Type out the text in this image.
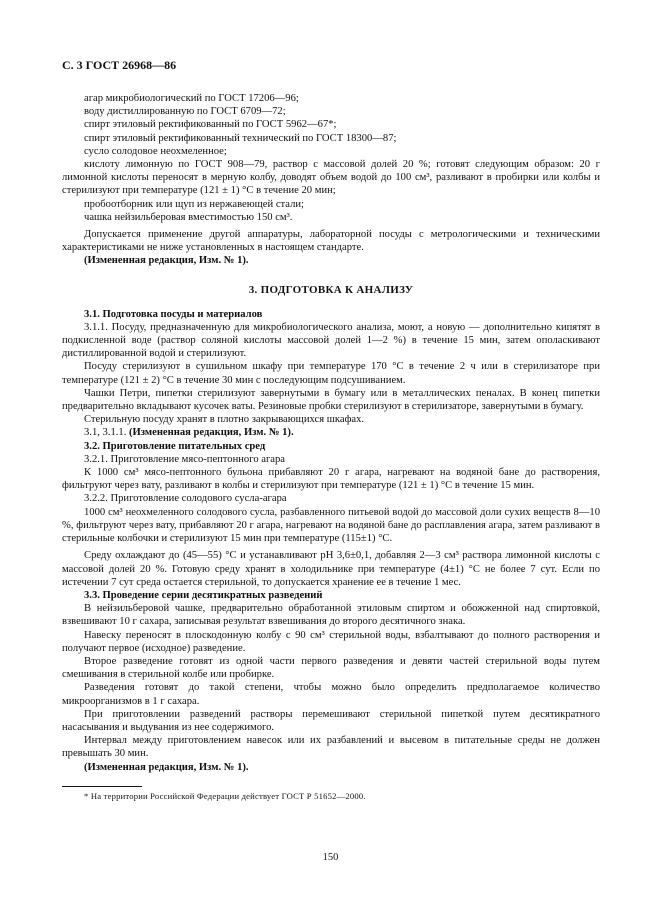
С. 3 ГОСТ 26968—86

агар микробиологический по ГОСТ 17206—96;

воду дистиллированную по ГОСТ 6709—72;

спирт этиловый ректификованный по ГОСТ 5962—67*;

спирт этиловый ректификованный технический по ГОСТ 18300—87;

сусло солодовое неохмеленное;

кислоту лимонную по ГОСТ 908—79, раствор с массовой долей 20 %; готовят следующим образом: 20 г лимонной кислоты переносят в мерную колбу, доводят объем водой до 100 см³, разливают в пробирки или колбы и стерилизуют при температуре (121 ± 1) °С в течение 20 мин;

пробоотборник или щуп из нержавеющей стали;

чашка нейзильберовая вместимостью 150 см³.

Допускается применение другой аппаратуры, лабораторной посуды с метрологическими и техническими характеристиками не ниже установленных в настоящем стандарте.

(Измененная редакция, Изм. № 1).

3. ПОДГОТОВКА К АНАЛИЗУ

3.1. Подготовка посуды и материалов

3.1.1. Посуду, предназначенную для микробиологического анализа, моют, а новую — дополнительно кипятят в подкисленной воде (раствор соляной кислоты массовой долей 1—2 %) в течение 15 мин, затем ополаскивают дистиллированной водой и стерилизуют.

Посуду стерилизуют в сушильном шкафу при температуре 170 °С в течение 2 ч или в стерилизаторе при температуре (121 ± 2) °С в течение 30 мин с последующим подсушиванием.

Чашки Петри, пипетки стерилизуют завернутыми в бумагу или в металлических пеналах. В конец пипетки предварительно вкладывают кусочек ваты. Резиновые пробки стерилизуют в стерилизаторе, завернутыми в бумагу.

Стерильную посуду хранят в плотно закрывающихся шкафах.

3.1, 3.1.1. (Измененная редакция, Изм. № 1).

3.2. Приготовление питательных сред

3.2.1. Приготовление мясо-пептонного агара

К 1000 см³ мясо-пептонного бульона прибавляют 20 г агара, нагревают на водяной бане до растворения, фильтруют через вату, разливают в колбы и стерилизуют при температуре (121 ± 1) °С в течение 15 мин.

3.2.2. Приготовление солодового сусла-агара

1000 см³ неохмеленного солодового сусла, разбавленного питьевой водой до массовой доли сухих веществ 8—10 %, фильтруют через вату, прибавляют 20 г агара, нагревают на водяной бане до расплавления агара, затем разливают в стерильные колбочки и стерилизуют 15 мин при температуре (115±1) °С.

Среду охлаждают до (45—55) °С и устанавливают рН 3,6±0,1, добавляя 2—3 см³ раствора лимонной кислоты с массовой долей 20 %. Готовую среду хранят в холодильнике при температуре (4±1) °С не более 7 сут. Если по истечении 7 сут среда остается стерильной, то допускается хранение ее в течение 1 мес.

3.3. Проведение серии десятикратных разведений

В нейзильберовой чашке, предварительно обработанной этиловым спиртом и обожженной над спиртовкой, взвешивают 10 г сахара, записывая результат взвешивания до второго десятичного знака.

Навеску переносят в плоскодонную колбу с 90 см³ стерильной воды, взбалтывают до полного растворения и получают первое (исходное) разведение.

Второе разведение готовят из одной части первого разведения и девяти частей стерильной воды путем смешивания в стерильной колбе или пробирке.

Разведения готовят до такой степени, чтобы можно было определить предполагаемое количество микроорганизмов в 1 г сахара.

При приготовлении разведений растворы перемешивают стерильной пипеткой путем десятикратного насасывания и выдувания из нее содержимого.

Интервал между приготовлением навесок или их разбавлений и высевом в питательные среды не должен превышать 30 мин.

(Измененная редакция, Изм. № 1).

* На территории Российской Федерации действует ГОСТ Р 51652—2000.

150
